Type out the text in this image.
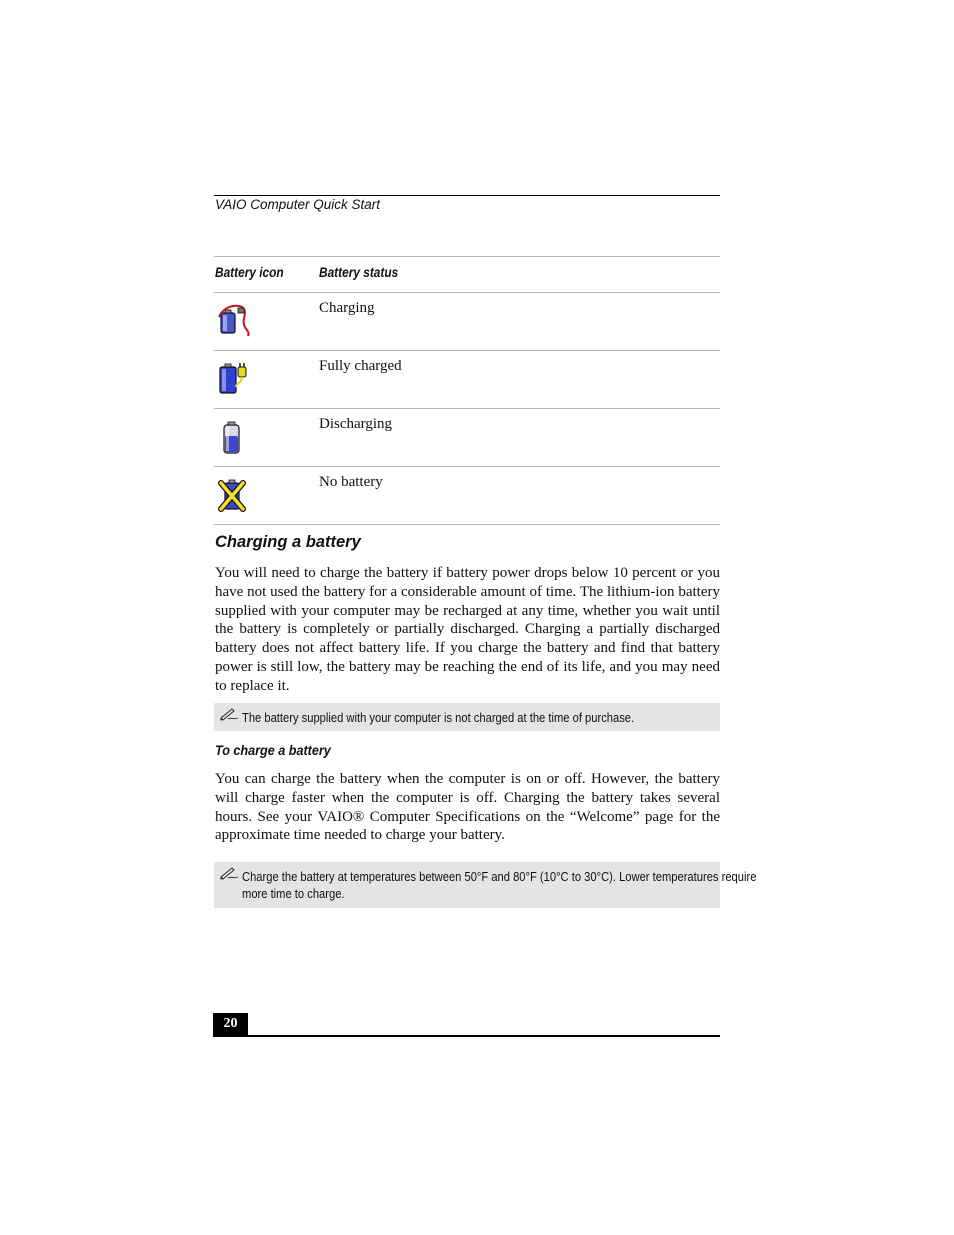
VAIO Computer Quick Start
Battery icon	Battery status
Charging
Fully charged
Discharging
No battery
Charging a battery

You will need to charge the battery if battery power drops below 10 percent or you have not used the battery for a considerable amount of time. The lithium-ion battery supplied with your computer may be recharged at any time, whether you wait until the battery is completely or partially discharged. Charging a partially discharged battery does not affect battery life. If you charge the battery and find that battery power is still low, the battery may be reaching the end of its life, and you may need to replace it.

The battery supplied with your computer is not charged at the time of purchase.
To charge a battery

You can charge the battery when the computer is on or off. However, the battery will charge faster when the computer is off. Charging the battery takes several hours. See your VAIO® Computer Specifications on the “Welcome” page for the approximate time needed to charge your battery.

Charge the battery at temperatures between 50°F and 80°F (10°C to 30°C). Lower temperatures require more time to charge.
20
